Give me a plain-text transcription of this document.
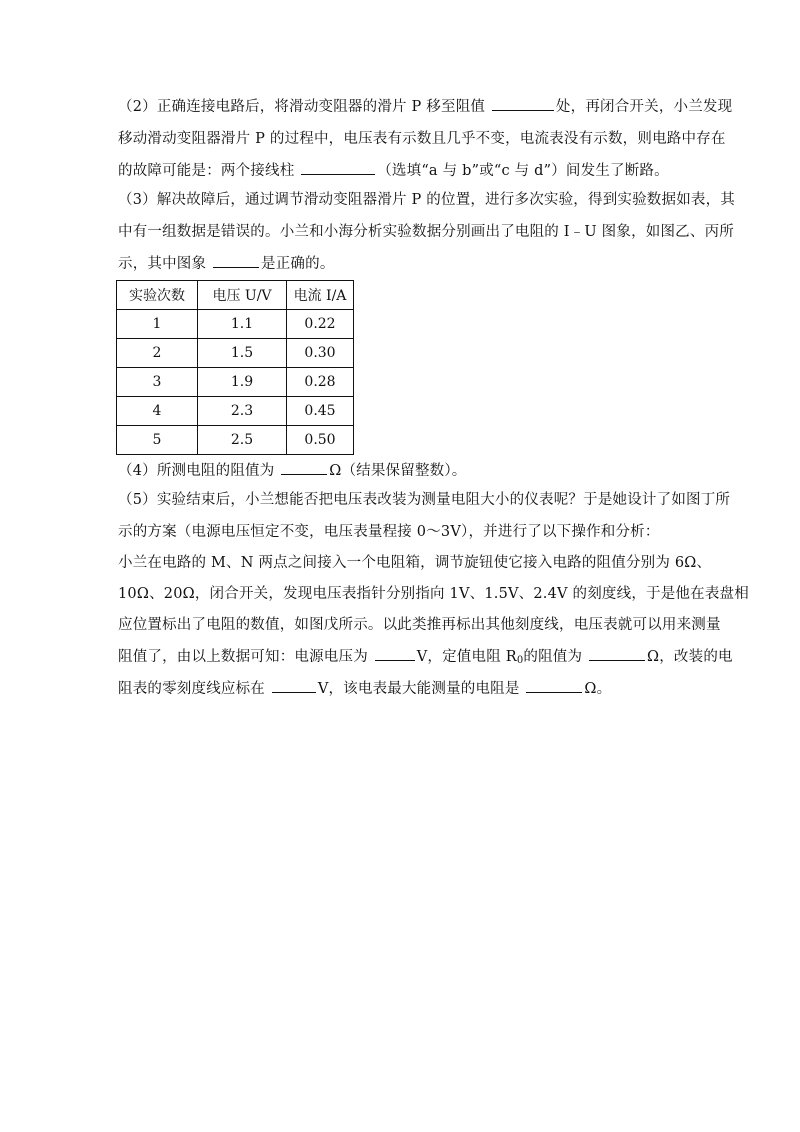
（2）正确连接电路后，将滑动变阻器的滑片 P 移至阻值	处，再闭合开关，小兰发现
移动滑动变阻器滑片 P 的过程中，电压表有示数且几乎不变，电流表没有示数，则电路中存在
的故障可能是：两个接线柱	（选填“a 与 b”或“c 与 d”）间发生了断路。
（3）解决故障后，通过调节滑动变阻器滑片 P 的位置，进行多次实验，得到实验数据如表，其
中有一组数据是错误的。小兰和小海分析实验数据分别画出了电阻的 I﹣U 图象，如图乙、丙所
示，其中图象	是正确的。
实验次数	电压 U/V	电流 I/A
1	1.1	0.22
2	1.5	0.30
3	1.9	0.28
4	2.3	0.45
5	2.5	0.50
（4）所测电阻的阻值为	Ω（结果保留整数）。
（5）实验结束后，小兰想能否把电压表改装为测量电阻大小的仪表呢？于是她设计了如图丁所
示的方案（电源电压恒定不变，电压表量程接 0～3V），并进行了以下操作和分析：
小兰在电路的 M、N 两点之间接入一个电阻箱，调节旋钮使它接入电路的阻值分别为 6Ω、
10Ω、20Ω，闭合开关，发现电压表指针分别指向 1V、1.5V、2.4V 的刻度线，于是他在表盘相
应位置标出了电阻的数值，如图戊所示。以此类推再标出其他刻度线，电压表就可以用来测量
阻值了，由以上数据可知：电源电压为	V，定值电阻 $R_0$的阻值为	Ω，改装的电
阻表的零刻度线应标在	V，该电表最大能测量的电阻是	Ω。
